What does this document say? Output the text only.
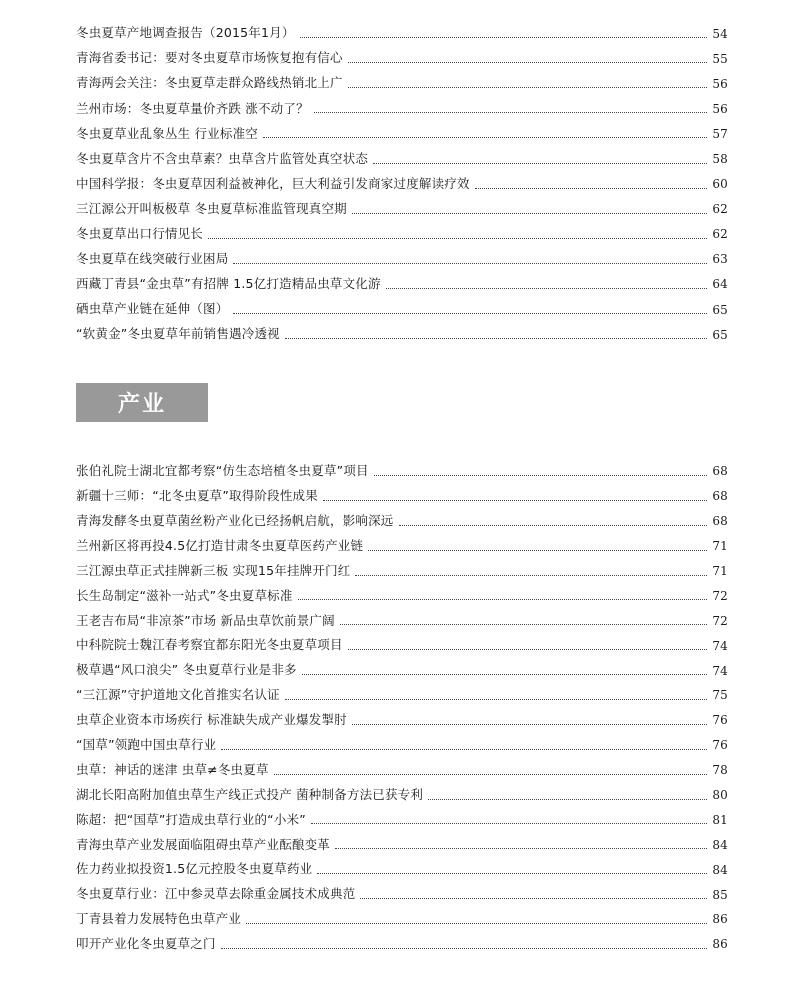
冬虫夏草产地调查报告（2015年1月）	54
青海省委书记：要对冬虫夏草市场恢复抱有信心	55
青海两会关注：冬虫夏草走群众路线热销北上广	56
兰州市场：冬虫夏草量价齐跌 涨不动了？	56
冬虫夏草业乱象丛生 行业标准空	57
冬虫夏草含片不含虫草素？虫草含片监管处真空状态	58
中国科学报：冬虫夏草因利益被神化，巨大利益引发商家过度解读疗效	60
三江源公开叫板极草 冬虫夏草标准监管现真空期	62
冬虫夏草出口行情见长	62
冬虫夏草在线突破行业困局	63
西藏丁青县“金虫草”有招牌 1.5亿打造精品虫草文化游	64
硒虫草产业链在延伸（图）	65
“软黄金”冬虫夏草年前销售遇冷透视	65
产业
张伯礼院士湖北宜都考察“仿生态培植冬虫夏草”项目	68
新疆十三师：“北冬虫夏草”取得阶段性成果	68
青海发酵冬虫夏草菌丝粉产业化已经扬帆启航，影响深远	68
兰州新区将再投4.5亿打造甘肃冬虫夏草医药产业链	71
三江源虫草正式挂牌新三板 实现15年挂牌开门红	71
长生岛制定“滋补一站式”冬虫夏草标准	72
王老吉布局“非凉茶”市场 新品虫草饮前景广阔	72
中科院院士魏江春考察宜都东阳光冬虫夏草项目	74
极草遇“风口浪尖” 冬虫夏草行业是非多	74
“三江源”守护道地文化首推实名认证	75
虫草企业资本市场疾行 标准缺失成产业爆发掣肘	76
“国草”领跑中国虫草行业	76
虫草：神话的迷津 虫草≠冬虫夏草	78
湖北长阳高附加值虫草生产线正式投产 菌种制备方法已获专利	80
陈超：把“国草”打造成虫草行业的“小米”	81
青海虫草产业发展面临阻碍虫草产业酝酿变革	84
佐力药业拟投资1.5亿元控股冬虫夏草药业	84
冬虫夏草行业：江中参灵草去除重金属技术成典范	85
丁青县着力发展特色虫草产业	86
叩开产业化冬虫夏草之门	86
